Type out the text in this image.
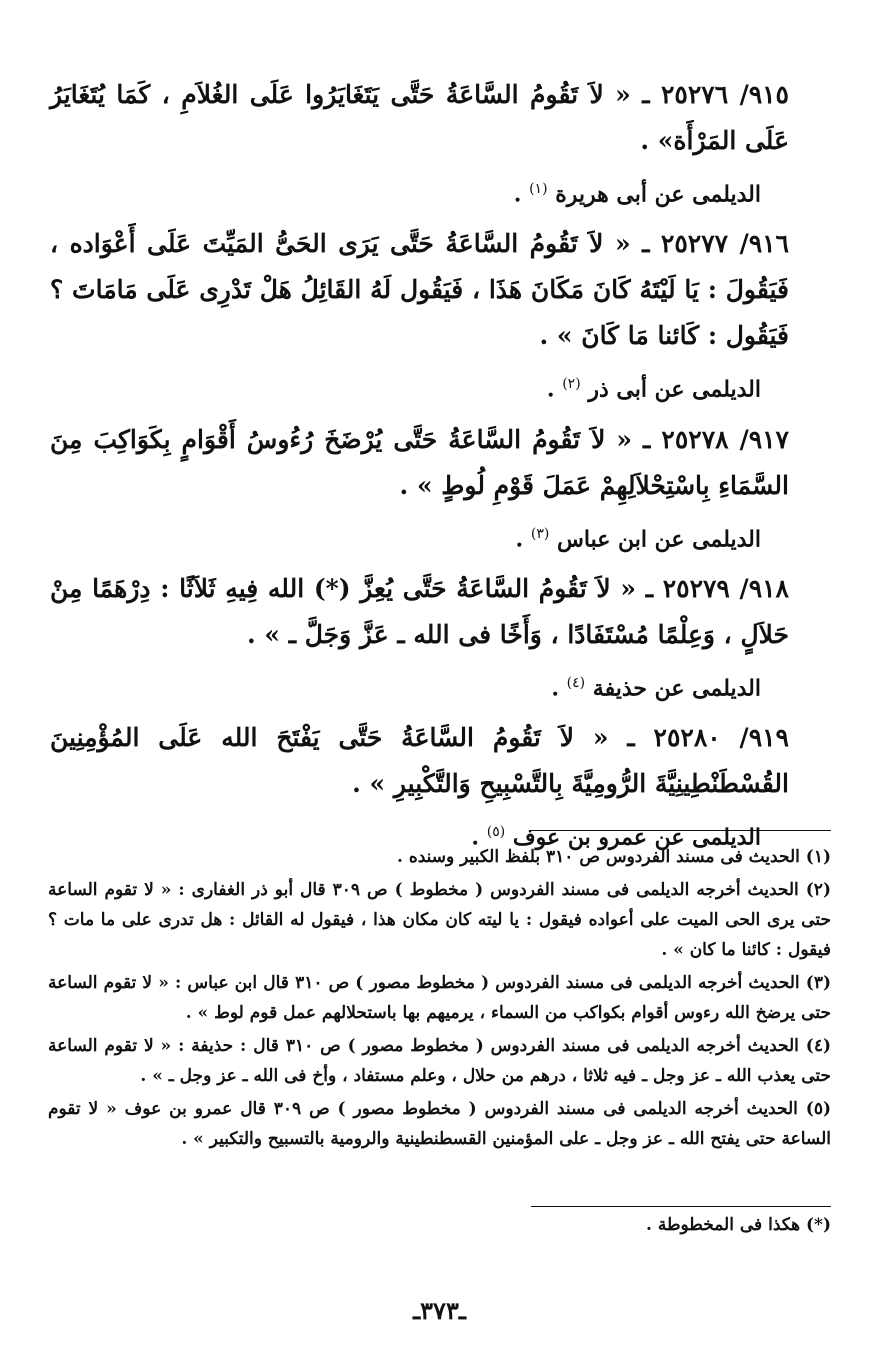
٩١٥/ ٢٥٢٧٦ ـ « لاَ تَقُومُ السَّاعَةُ حَتَّى يَتَغَايَرُوا عَلَى الغُلاَمِ ، كَمَا يُتَغَايَرُ عَلَى المَرْأَة» .

الديلمى عن أبى هريرة $^{(١)}$ .

٩١٦/ ٢٥٢٧٧ ـ « لاَ تَقُومُ السَّاعَةُ حَتَّى يَرَى الحَىُّ المَيِّتَ عَلَى أَعْوَاده ، فَيَقُولَ : يَا لَيْتَهُ كَانَ مَكَانَ هَذَا ، فَيَقُول لَهُ القَائِلُ هَلْ تَدْرِى عَلَى مَامَاتَ ؟ فَيَقُول : كَائنا مَا كَانَ » .

الديلمى عن أبى ذر $^{(٢)}$ .

٩١٧/ ٢٥٢٧٨ ـ « لاَ تَقُومُ السَّاعَةُ حَتَّى يُرْضَخَ رُءُوسُ أَقْوَامٍ بِكَوَاكِبَ مِنَ السَّمَاءِ بِاسْتِحْلاَلِهِمْ عَمَلَ قَوْمِ لُوطٍ » .

الديلمى عن ابن عباس $^{(٣)}$ .

٩١٨/ ٢٥٢٧٩ ـ « لاَ تَقُومُ السَّاعَةُ حَتَّى يُعِزَّ (*) الله فِيهِ ثَلاَثًا : دِرْهَمًا مِنْ حَلاَلٍ ، وَعِلْمًا مُسْتَفَادًا ، وَأَخًا فى الله ـ عَزَّ وَجَلَّ ـ » .

الديلمى عن حذيفة $^{(٤)}$ .

٩١٩/ ٢٥٢٨٠ ـ « لاَ تَقُومُ السَّاعَةُ حَتَّى يَفْتَحَ الله عَلَى المُؤْمِنِينَ القُسْطَنْطِينِيَّةَ الرُّومِيَّةَ بِالتَّسْبِيحِ وَالتَّكْبِيرِ » .

الديلمى عن عمرو بن عوف $^{(٥)}$ .

(١) الحديث فى مسند الفردوس ص ٣١٠ بلفظ الكبير وسنده .

(٢) الحديث أخرجه الديلمى فى مسند الفردوس ( مخطوط ) ص ٣٠٩ قال أبو ذر الغفارى : « لا تقوم الساعة حتى يرى الحى الميت على أعواده فيقول : يا ليته كان مكان هذا ، فيقول له القائل : هل تدرى على ما مات ؟ فيقول : كائنا ما كان » .

(٣) الحديث أخرجه الديلمى فى مسند الفردوس ( مخطوط مصور ) ص ٣١٠ قال ابن عباس : « لا تقوم الساعة حتى يرضخ الله رءوس أقوام بكواكب من السماء ، يرميهم بها باستحلالهم عمل قوم لوط » .

(٤) الحديث أخرجه الديلمى فى مسند الفردوس ( مخطوط مصور ) ص ٣١٠ قال : حذيفة : « لا تقوم الساعة حتى يعذب الله ـ عز وجل ـ فيه ثلاثا ، درهم من حلال ، وعلم مستفاد ، وأخ فى الله ـ عز وجل ـ » .

(٥) الحديث أخرجه الديلمى فى مسند الفردوس ( مخطوط مصور ) ص ٣٠٩ قال عمرو بن عوف « لا تقوم الساعة حتى يفتح الله ـ عز وجل ـ على المؤمنين القسطنطينية والرومية بالتسبيح والتكبير » .

(*) هكذا فى المخطوطة .
ـ٣٧٣ـ
